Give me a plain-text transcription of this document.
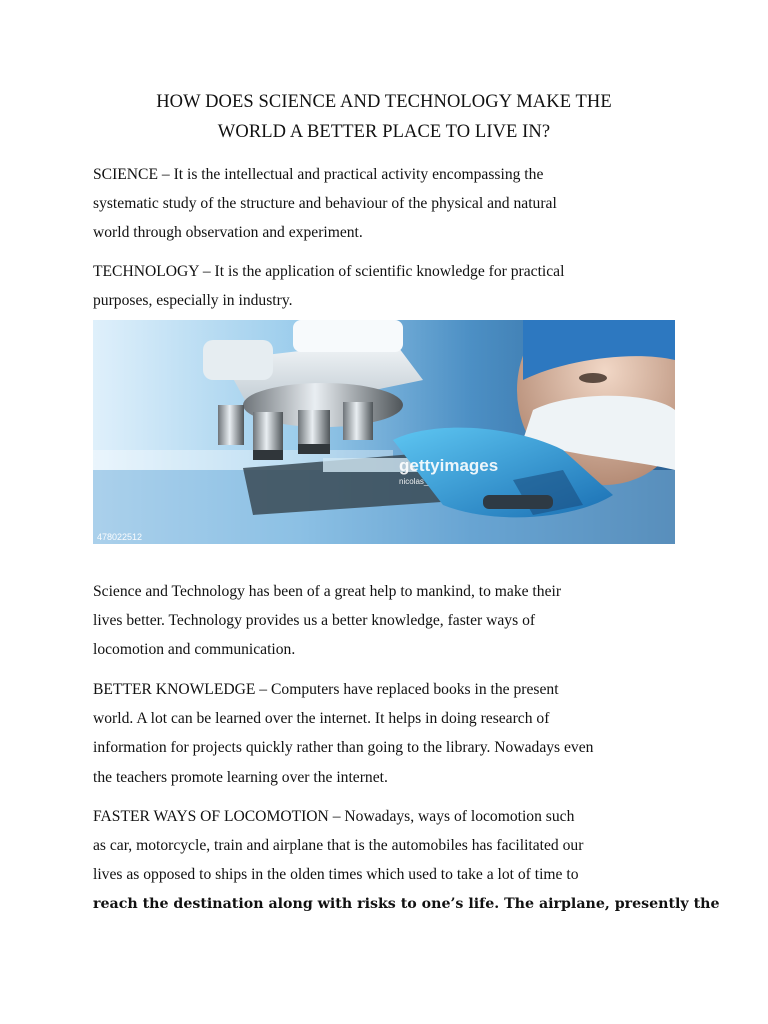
HOW DOES SCIENCE AND TECHNOLOGY MAKE THE
WORLD A BETTER PLACE TO LIVE IN?

SCIENCE – It is the intellectual and practical activity encompassing the
systematic study of the structure and behaviour of the physical and natural
world through observation and experiment.

TECHNOLOGY – It is the application of scientific knowledge for practical
purposes, especially in industry.

gettyimages
nicolas_
478022512

Science and Technology has been of a great help to mankind, to make their
lives better. Technology provides us a better knowledge, faster ways of
locomotion and communication.

BETTER KNOWLEDGE – Computers have replaced books in the present
world. A lot can be learned over the internet. It helps in doing research of
information for projects quickly rather than going to the library. Nowadays even
the teachers promote learning over the internet.

FASTER WAYS OF LOCOMOTION – Nowadays, ways of locomotion such
as car, motorcycle, train and airplane that is the automobiles has facilitated our
lives as opposed to ships in the olden times which used to take a lot of time to
reach the destination along with risks to one’s life. The airplane, presently the
